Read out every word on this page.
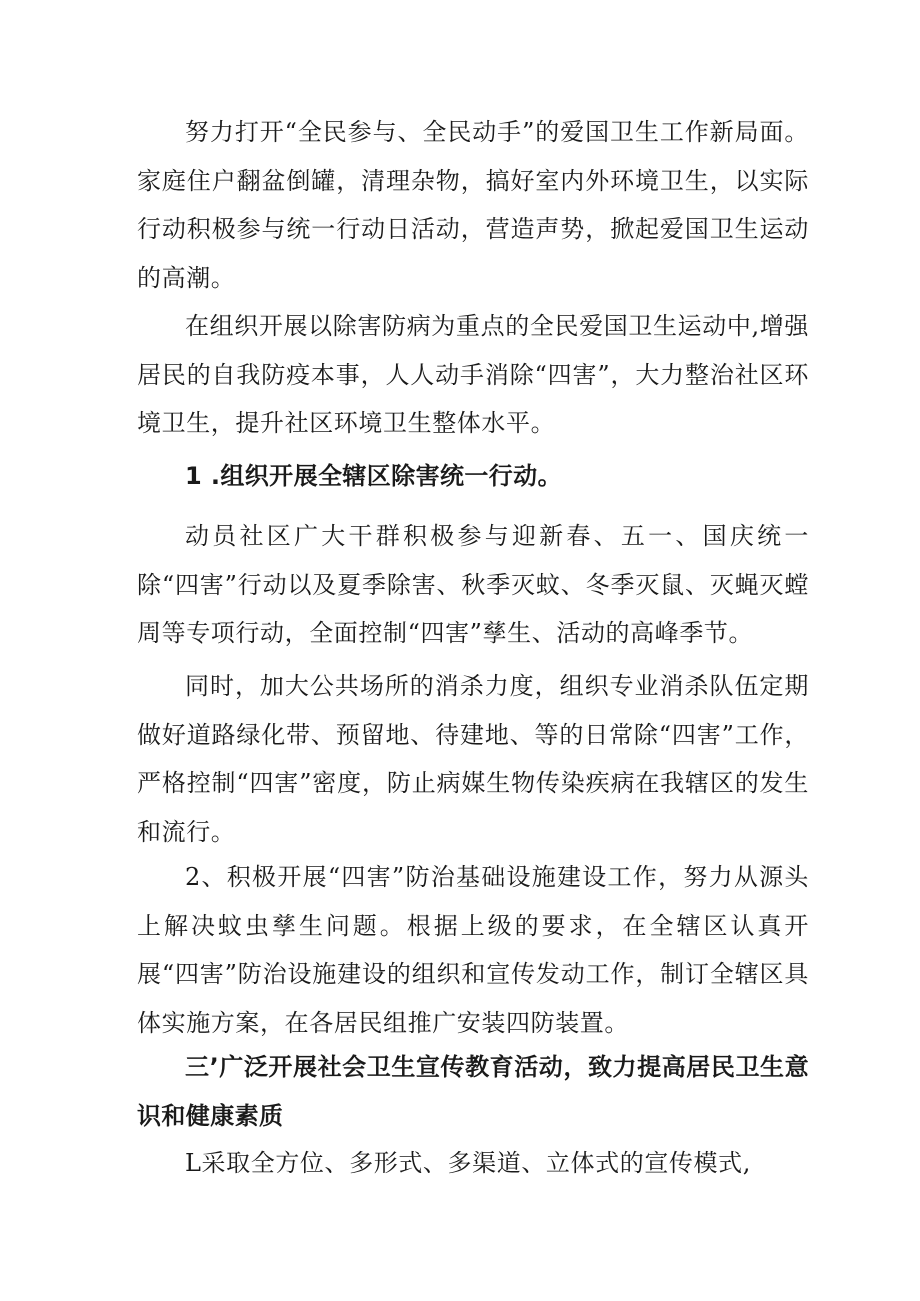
努力打开“全民参与、全民动手”的爱国卫生工作新局面。家庭住户翻盆倒罐，清理杂物，搞好室内外环境卫生，以实际行动积极参与统一行动日活动，营造声势，掀起爱国卫生运动的高潮。

在组织开展以除害防病为重点的全民爱国卫生运动中,增强居民的自我防疫本事，人人动手消除“四害”，大力整治社区环境卫生，提升社区环境卫生整体水平。

1 .组织开展全辖区除害统一行动。

动员社区广大干群积极参与迎新春、五一、国庆统一除“四害”行动以及夏季除害、秋季灭蚊、冬季灭鼠、灭蝇灭螳周等专项行动，全面控制“四害”孳生、活动的高峰季节。

同时，加大公共场所的消杀力度，组织专业消杀队伍定期做好道路绿化带、预留地、待建地、等的日常除“四害”工作，严格控制“四害”密度，防止病媒生物传染疾病在我辖区的发生和流行。

2、积极开展“四害”防治基础设施建设工作，努力从源头上解决蚊虫孳生问题。根据上级的要求，在全辖区认真开展“四害”防治设施建设的组织和宣传发动工作，制订全辖区具体实施方案，在各居民组推广安装四防装置。

三’广泛开展社会卫生宣传教育活动，致力提高居民卫生意识和健康素质

L采取全方位、多形式、多渠道、立体式的宣传模式,
